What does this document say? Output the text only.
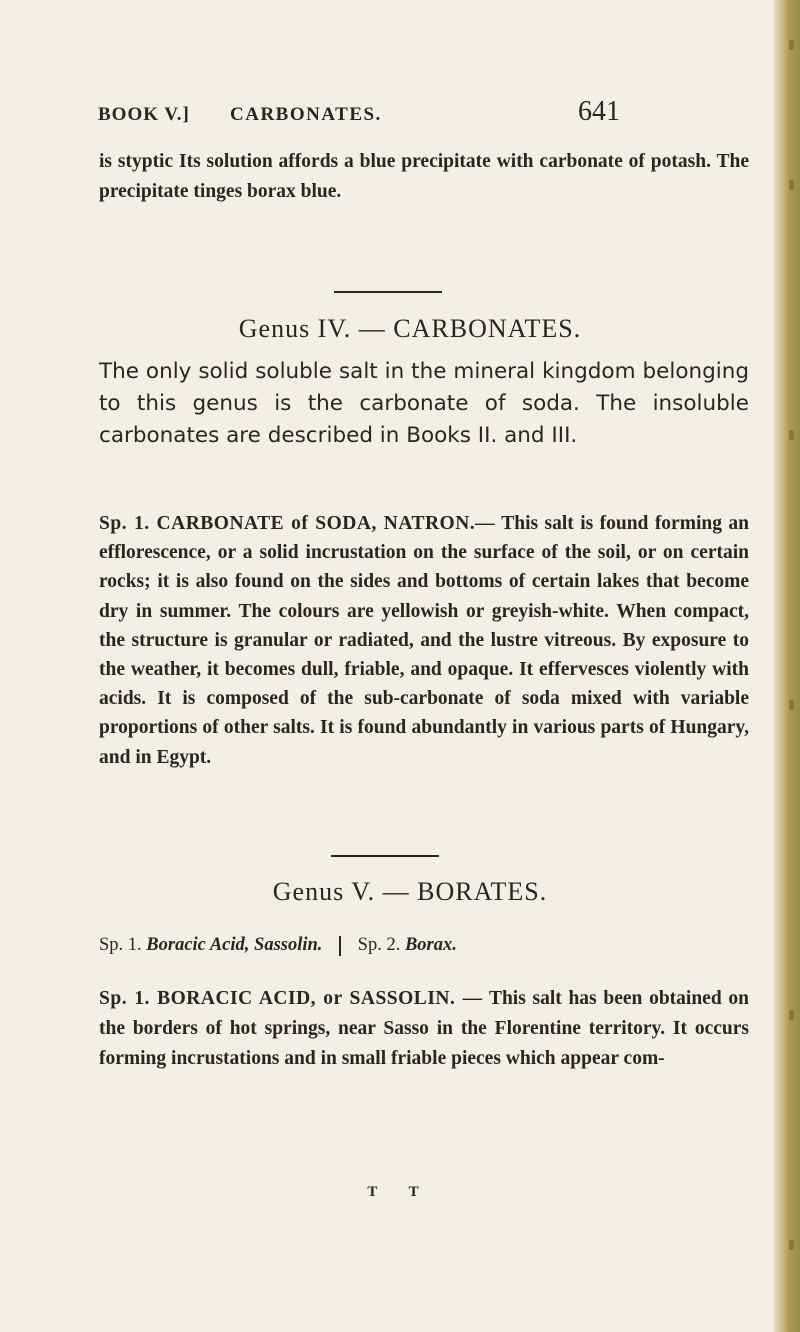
BOOK V.] CARBONATES.	641

is styptic Its solution affords a blue precipitate with carbonate of potash. The precipitate tinges borax blue.

Genus IV. — CARBONATES.

The only solid soluble salt in the mineral kingdom belonging to this genus is the carbonate of soda. The insoluble carbonates are described in Books II. and III.

Sp. 1. CARBONATE of SODA, NATRON.— This salt is found forming an efflorescence, or a solid incrustation on the surface of the soil, or on certain rocks; it is also found on the sides and bottoms of certain lakes that become dry in summer. The colours are yellowish or greyish-white. When compact, the structure is granular or radiated, and the lustre vitreous. By exposure to the weather, it becomes dull, friable, and opaque. It effervesces violently with acids. It is composed of the sub-carbonate of soda mixed with variable proportions of other salts. It is found abundantly in various parts of Hungary, and in Egypt.

Genus V. — BORATES.

Sp. 1. Boracic Acid, Sassolin. Sp. 2. Borax.

Sp. 1. BORACIC ACID, or SASSOLIN. — This salt has been obtained on the borders of hot springs, near Sasso in the Florentine territory. It occurs forming incrustations and in small friable pieces which appear com-

T T
